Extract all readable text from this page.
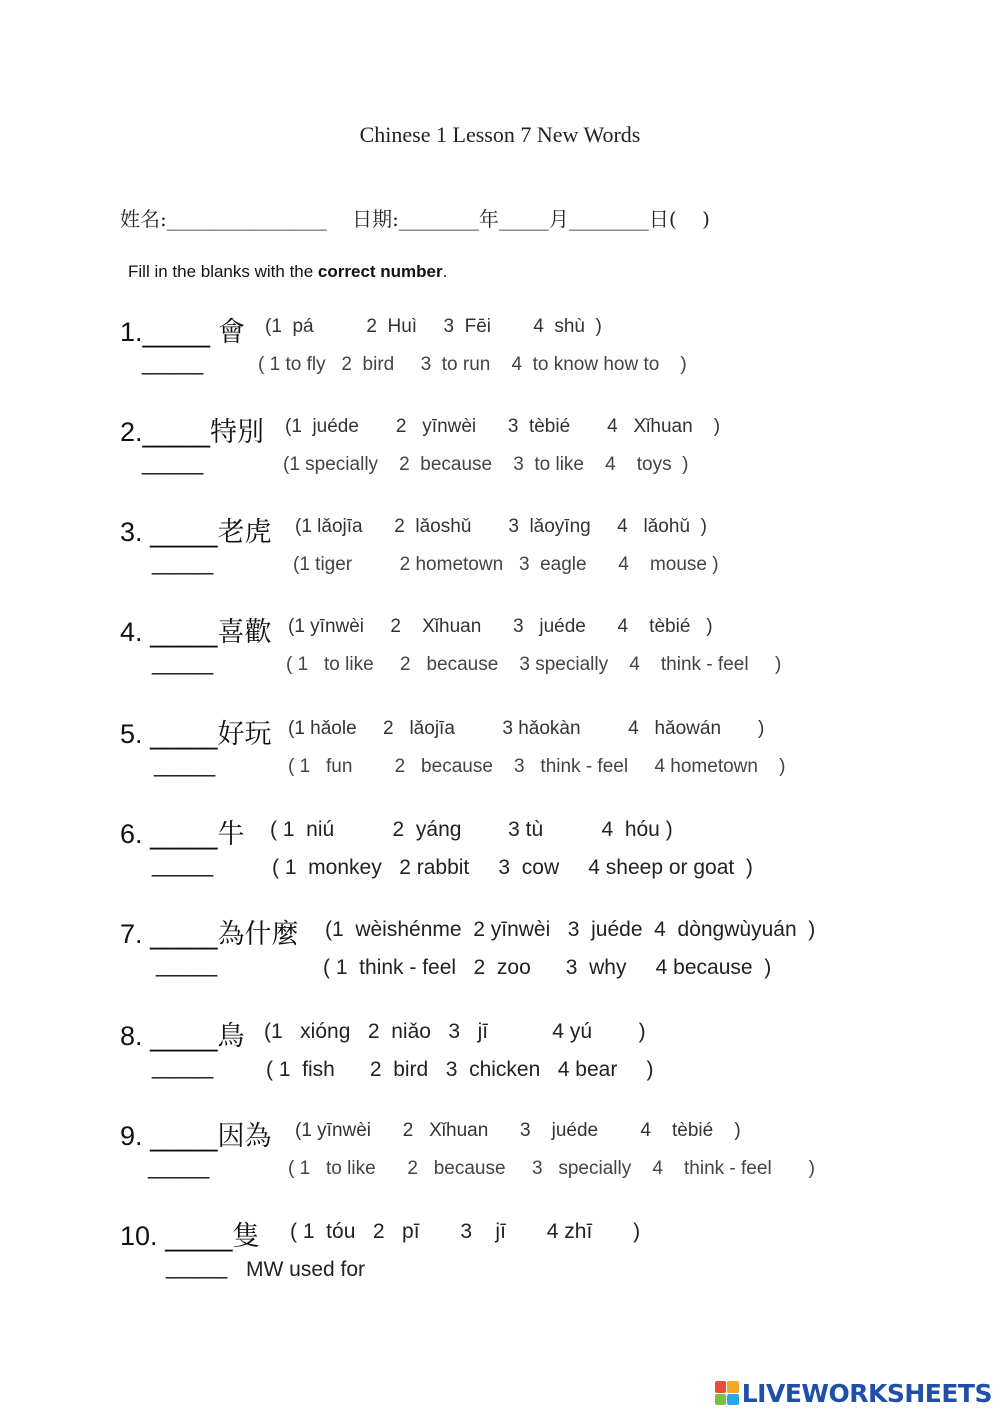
Chinese 1 Lesson 7 New Words
姓名:________________    日期:________年_____月________日(    )
Fill in the blanks with the correct number.
1._____ 會 (1  pá          2  Huì     3  Fēi        4  shù  )
_____	( 1 to fly   2  bird     3  to run    4  to know how to    )
2._____特別 (1  juéde       2   yīnwèi      3  tèbié       4   Xǐhuan    )
_____	(1 specially    2  because    3  to like    4    toys  )
3. _____老虎 (1 lǎojīa      2  lǎoshǔ       3  lǎoyīng     4   lǎohǔ  )
_____	(1 tiger         2 hometown   3  eagle      4    mouse )
4. _____喜歡 (1 yīnwèi     2    Xǐhuan      3   juéde      4    tèbié   )
_____	( 1   to like     2   because    3 specially    4    think - feel     )
5. _____好玩 (1 hǎole     2   lǎojīa         3 hǎokàn         4   hǎowán       )
_____	( 1   fun        2   because    3   think - feel     4 hometown    )
6. _____牛 ( 1  niú          2  yáng        3 tù          4  hóu )
_____	( 1  monkey   2 rabbit     3  cow     4 sheep or goat  )
7. _____為什麼 (1  wèishénme  2 yīnwèi   3  juéde  4  dòngwùyuán  )
_____	( 1  think - feel   2  zoo      3  why     4 because  )
8. _____鳥 (1   xióng   2  niǎo   3   jī           4 yú        )
_____	( 1  fish      2  bird   3  chicken   4 bear     )
9. _____因為 (1 yīnwèi      2   Xǐhuan      3    juéde        4    tèbié    )
_____	( 1   to like      2   because     3   specially    4    think - feel       )
10. _____隻 ( 1  tóu   2   pī       3    jī       4 zhī       )
_____ MW used for
LIVEWORKSHEETS
